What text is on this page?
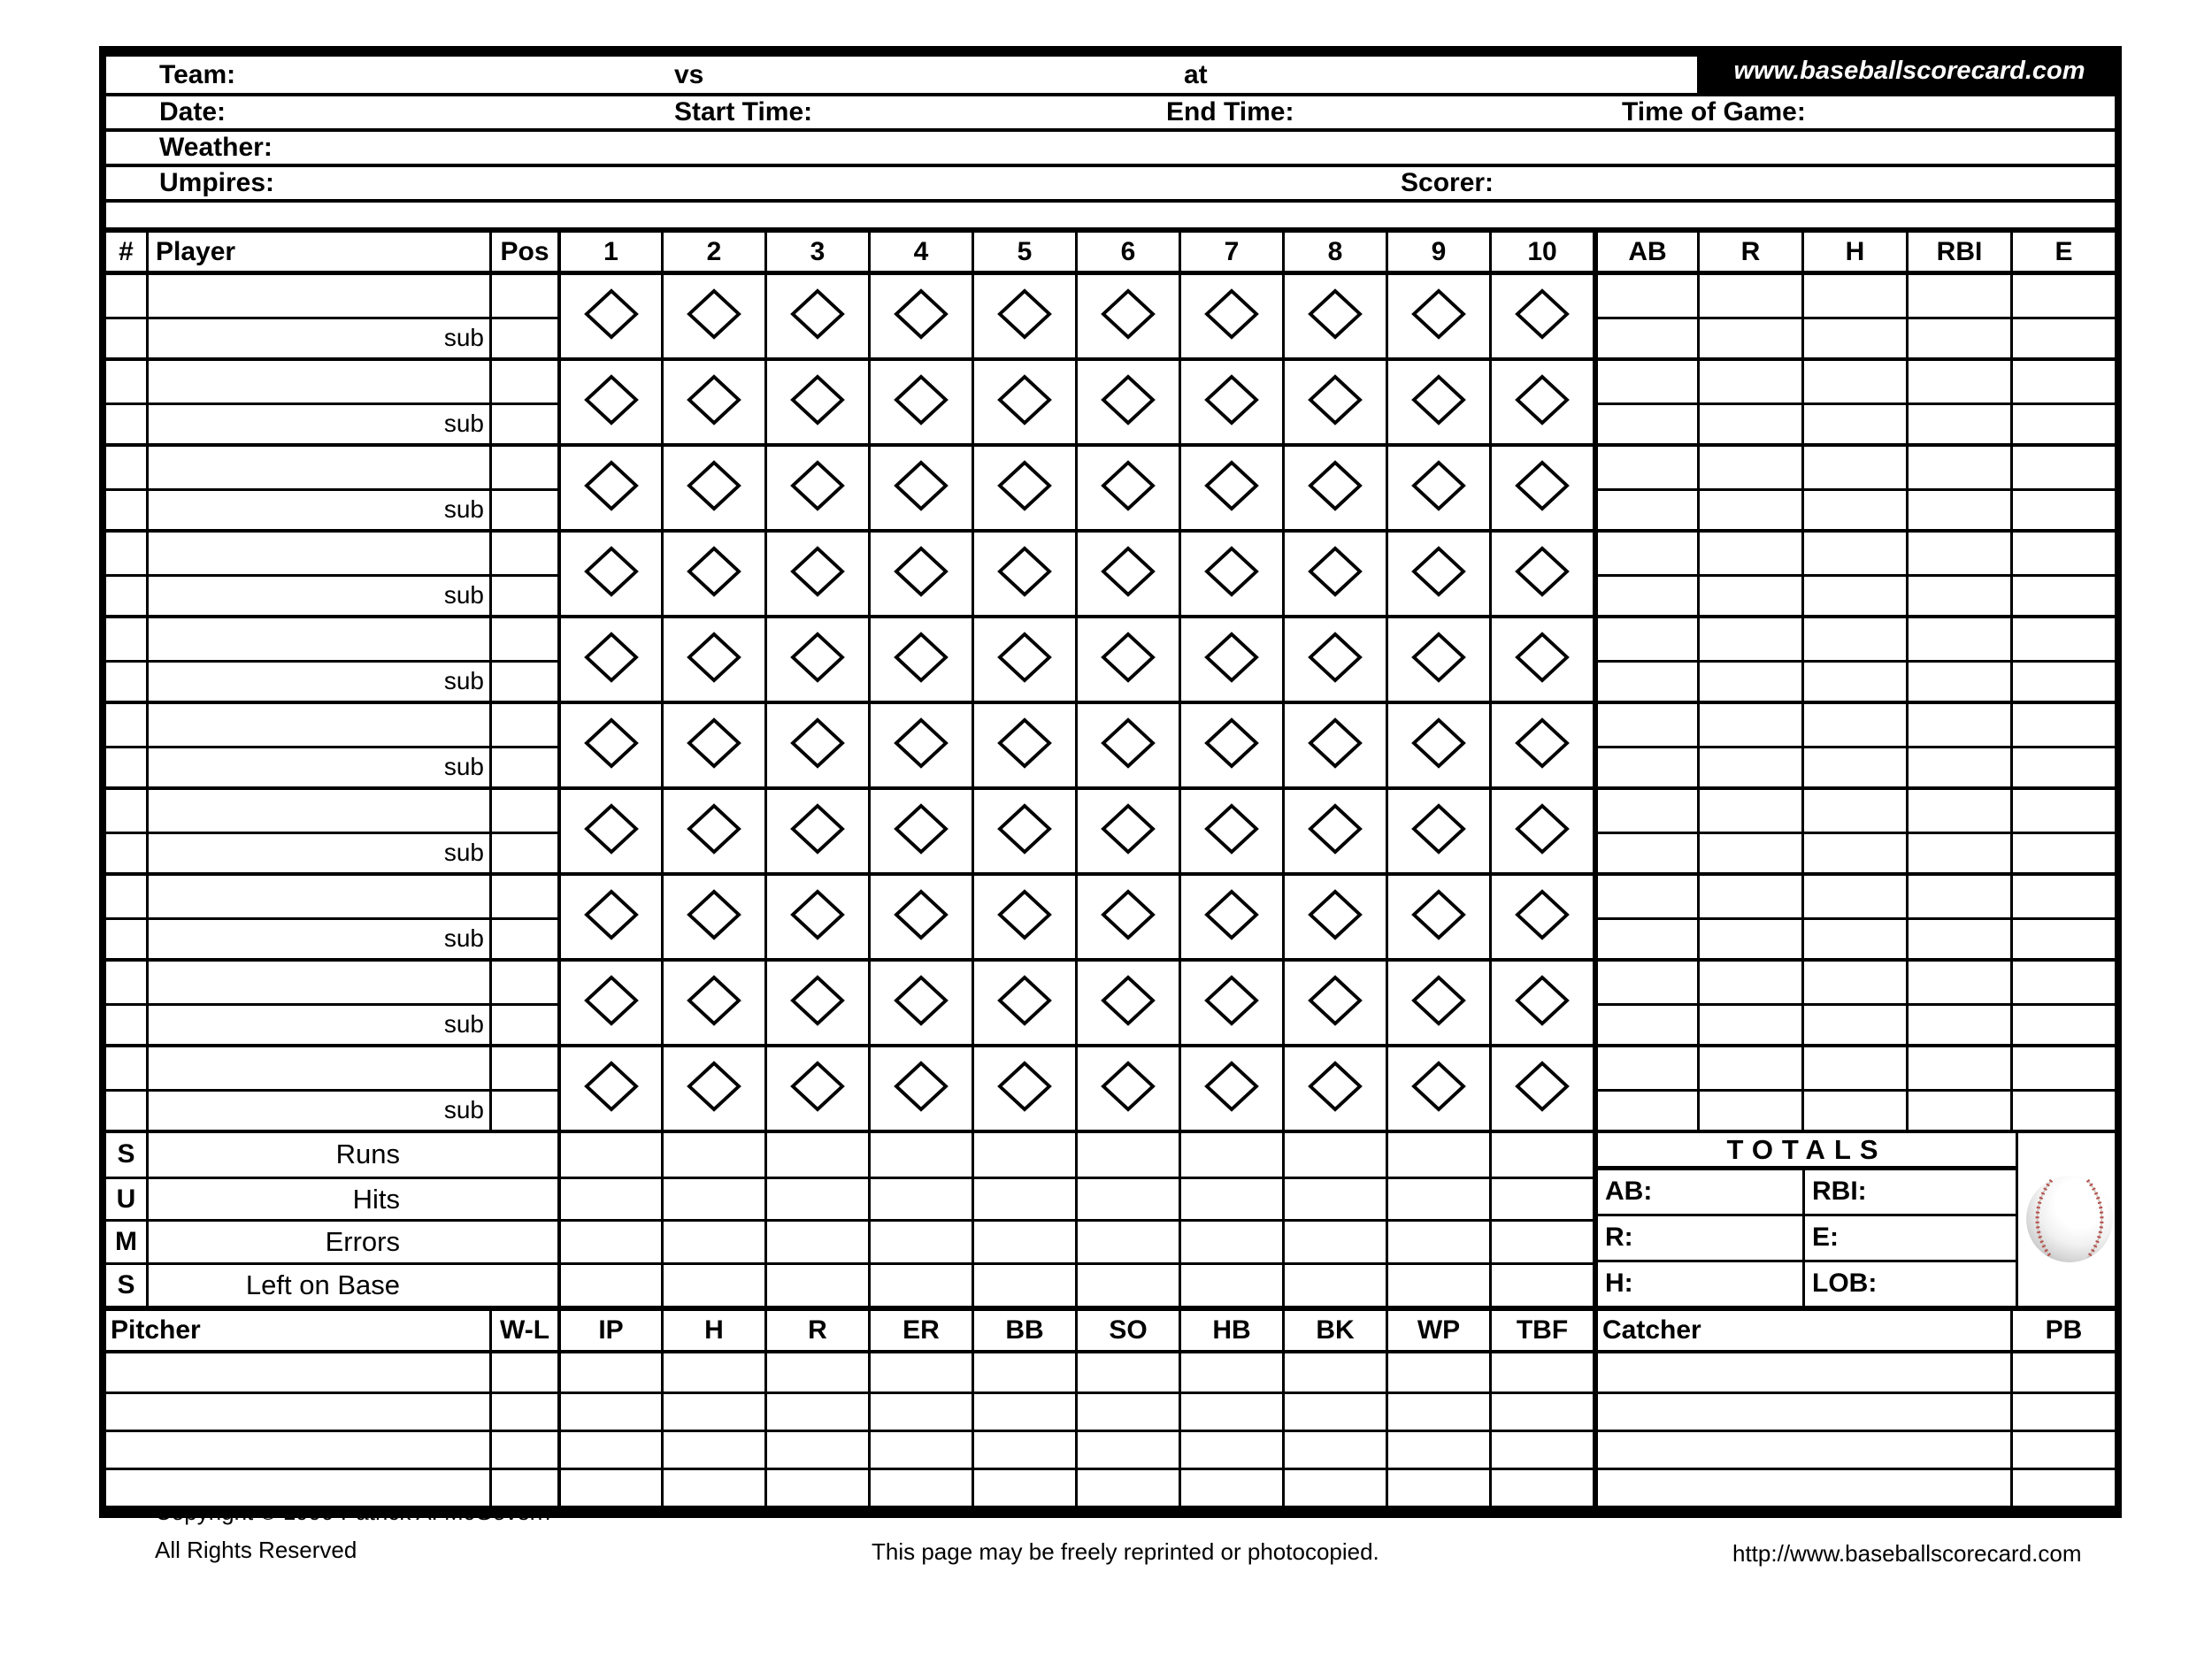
Team:	vs	at	www.baseballscorecard.com
Date:	Start Time:	End Time:	Time of Game:
Weather:
Umpires:	Scorer:
# Player	Pos	1	2	3	4	5	6	7	8	9	10	AB	R	H	RBI	E
sub
sub
sub
sub
sub
sub
sub
sub
sub
sub
S	Runs
U	Hits
M	Errors
S	Left on Base
TOTALS
AB:	RBI:
R:	E:
H:	LOB:
Pitcher	W-L	IP	H	R	ER	BB	SO	HB	BK	WP	TBF	Catcher	PB
All Rights Reserved	This page may be freely reprinted or photocopied.	http://www.baseballscorecard.com
